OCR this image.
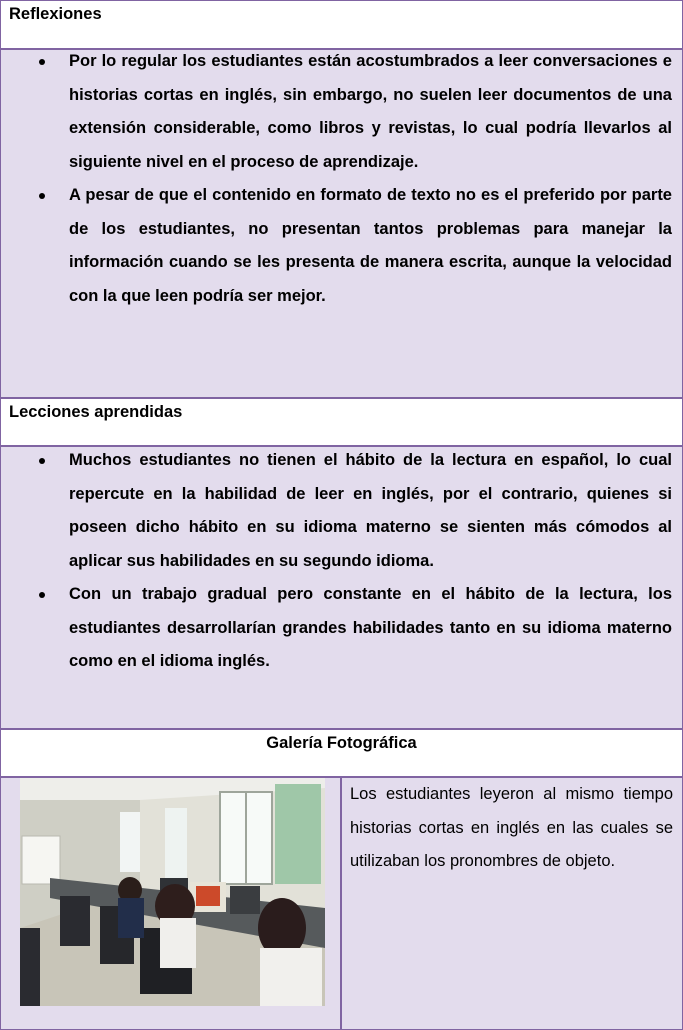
Reflexiones
Por lo regular los estudiantes están acostumbrados a leer conversaciones e historias cortas en inglés, sin embargo, no suelen leer documentos de una extensión considerable, como libros y revistas, lo cual podría llevarlos al siguiente nivel en el proceso de aprendizaje.
A pesar de que el contenido en formato de texto no es el preferido por parte de los estudiantes, no presentan tantos problemas para manejar la información cuando se les presenta de manera escrita, aunque la velocidad con la que leen podría ser mejor.
Lecciones aprendidas
Muchos estudiantes no tienen el hábito de la lectura en español, lo cual repercute en la habilidad de leer en inglés, por el contrario, quienes si poseen dicho hábito en su idioma materno se sienten más cómodos al aplicar sus habilidades en su segundo idioma.
Con un trabajo gradual pero constante en el hábito de la lectura, los estudiantes desarrollarían grandes habilidades tanto en su idioma materno como en el idioma inglés.
Galería Fotográfica
Los estudiantes leyeron al mismo tiempo historias cortas en inglés en las cuales se utilizaban los pronombres de objeto.
